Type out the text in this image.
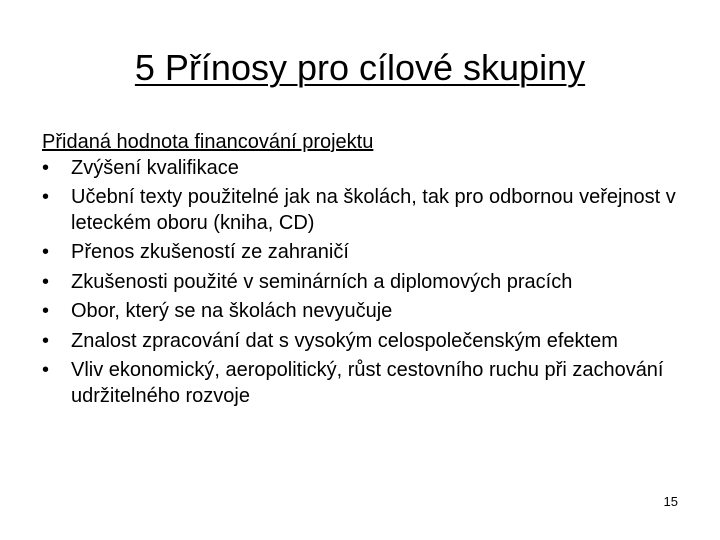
5 Přínosy pro cílové skupiny
Přidaná hodnota financování projektu
•	Zvýšení kvalifikace
•	Učební texty použitelné jak na školách, tak pro odbornou veřejnost v leteckém oboru (kniha, CD)
•	Přenos zkušeností ze zahraničí
•	Zkušenosti použité v seminárních a diplomových pracích
•	Obor, který se na školách nevyučuje
•	Znalost zpracování dat s vysokým celospolečenským efektem
•	Vliv ekonomický, aeropolitický, růst cestovního ruchu při zachování udržitelného rozvoje
15
